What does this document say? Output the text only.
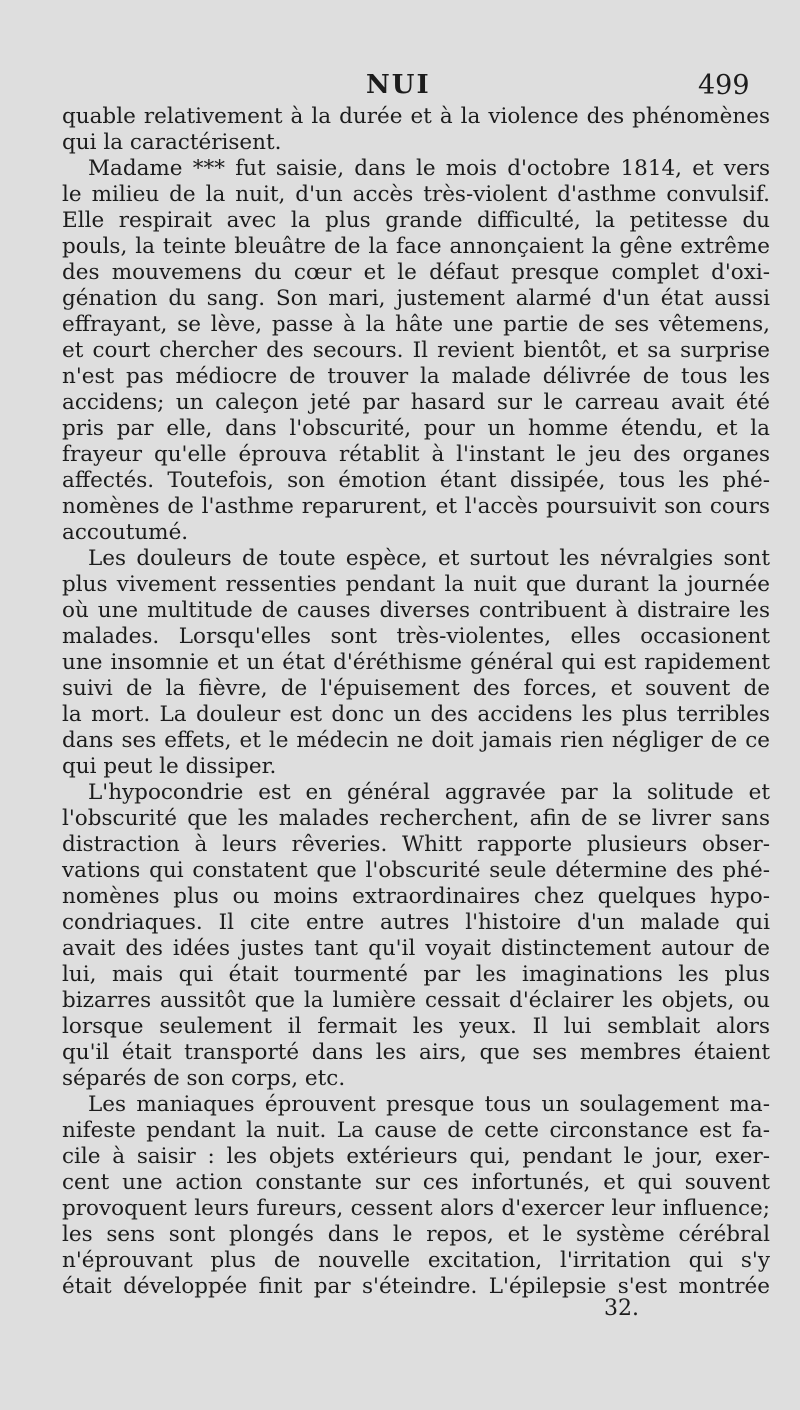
NUI	499
quable relativement à la durée et à la violence des phénomènes
qui la caractérisent.
Madame *** fut saisie, dans le mois d'octobre 1814, et vers
le milieu de la nuit, d'un accès très-violent d'asthme convulsif.
Elle respirait avec la plus grande difficulté, la petitesse du
pouls, la teinte bleuâtre de la face annonçaient la gêne extrême
des mouvemens du cœur et le défaut presque complet d'oxi-
génation du sang. Son mari, justement alarmé d'un état aussi
effrayant, se lève, passe à la hâte une partie de ses vêtemens,
et court chercher des secours. Il revient bientôt, et sa surprise
n'est pas médiocre de trouver la malade délivrée de tous les
accidens; un caleçon jeté par hasard sur le carreau avait été
pris par elle, dans l'obscurité, pour un homme étendu, et la
frayeur qu'elle éprouva rétablit à l'instant le jeu des organes
affectés. Toutefois, son émotion étant dissipée, tous les phé-
nomènes de l'asthme reparurent, et l'accès poursuivit son cours
accoutumé.
Les douleurs de toute espèce, et surtout les névralgies sont
plus vivement ressenties pendant la nuit que durant la journée
où une multitude de causes diverses contribuent à distraire les
malades. Lorsqu'elles sont très-violentes, elles occasionent
une insomnie et un état d'éréthisme général qui est rapidement
suivi de la fièvre, de l'épuisement des forces, et souvent de
la mort. La douleur est donc un des accidens les plus terribles
dans ses effets, et le médecin ne doit jamais rien négliger de ce
qui peut le dissiper.
L'hypocondrie est en général aggravée par la solitude et
l'obscurité que les malades recherchent, afin de se livrer sans
distraction à leurs rêveries. Whitt rapporte plusieurs obser-
vations qui constatent que l'obscurité seule détermine des phé-
nomènes plus ou moins extraordinaires chez quelques hypo-
condriaques. Il cite entre autres l'histoire d'un malade qui
avait des idées justes tant qu'il voyait distinctement autour de
lui, mais qui était tourmenté par les imaginations les plus
bizarres aussitôt que la lumière cessait d'éclairer les objets, ou
lorsque seulement il fermait les yeux. Il lui semblait alors
qu'il était transporté dans les airs, que ses membres étaient
séparés de son corps, etc.
Les maniaques éprouvent presque tous un soulagement ma-
nifeste pendant la nuit. La cause de cette circonstance est fa-
cile à saisir : les objets extérieurs qui, pendant le jour, exer-
cent une action constante sur ces infortunés, et qui souvent
provoquent leurs fureurs, cessent alors d'exercer leur influence;
les sens sont plongés dans le repos, et le système cérébral
n'éprouvant plus de nouvelle excitation, l'irritation qui s'y
était développée finit par s'éteindre. L'épilepsie s'est montrée
32.
